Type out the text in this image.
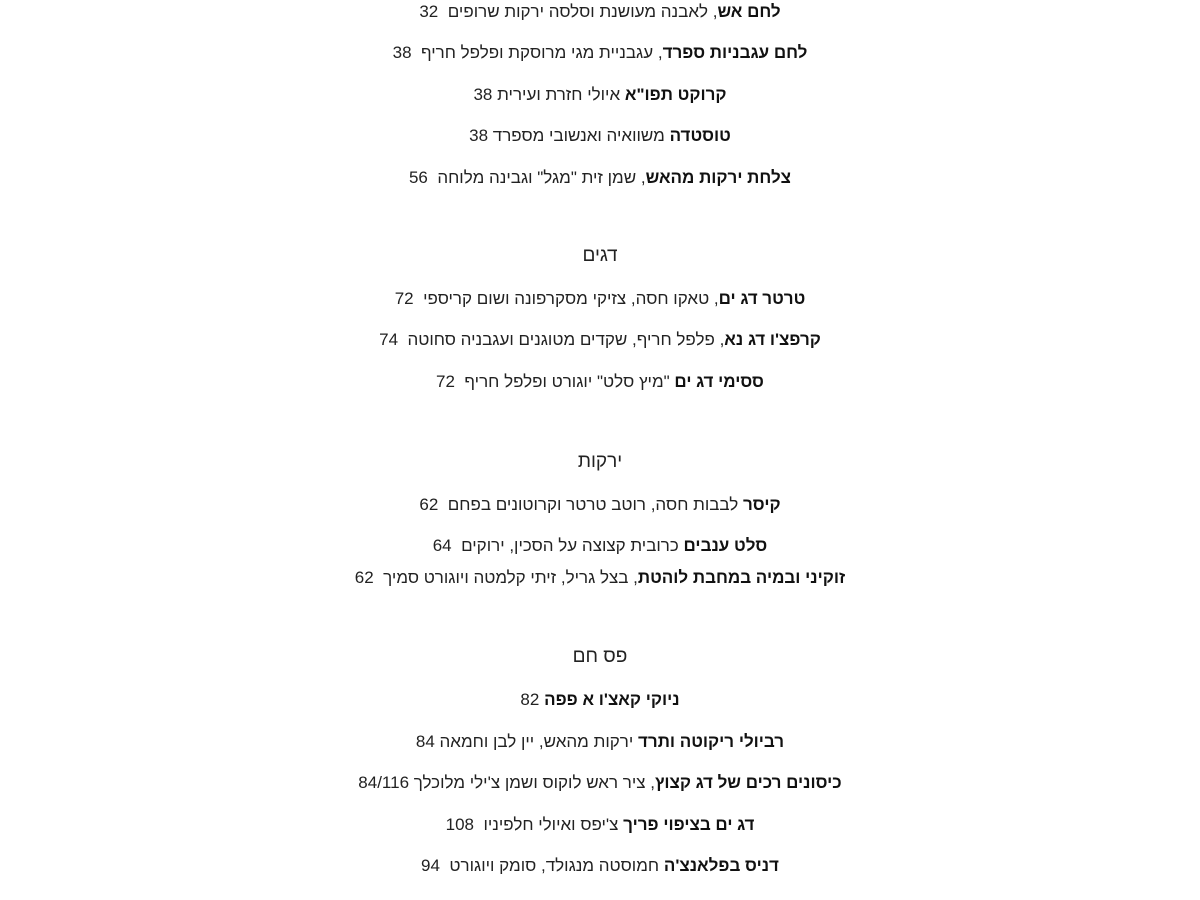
לחם אש, לאבנה מעושנת וסלסה ירקות שרופים  32
לחם עגבניות ספרד, עגבניית מגי מרוסקת ופלפל חריף  38
קרוקט תפו"א איולי חזרת ועירית 38
טוסטדה משוואיה ואנשובי מספרד 38
צלחת ירקות מהאש, שמן זית "מגל" וגבינה מלוחה  56
דגים
טרטר דג ים, טאקו חסה, צזיקי מסקרפונה ושום קריספי  72
קרפצ'ו דג נא, פלפל חריף, שקדים מטוגנים ועגבניה סחוטה  74
ססימי דג ים "מיץ סלט" יוגורט ופלפל חריף  72
ירקות
קיסר לבבות חסה, רוטב טרטר וקרוטונים בפחם  62
סלט ענבים כרובית קצוצה על הסכין, ירוקים  64
זוקיני ובמיה במחבת לוהטת, בצל גריל, זיתי קלמטה ויוגורט סמיך  62
פס חם
ניוקי קאצ'ו א פפה 82
רביולי ריקוטה ותרד ירקות מהאש, יין לבן וחמאה 84
כיסונים רכים של דג קצוץ, ציר ראש לוקוס ושמן צ'ילי מלוכלך 84/116
דג ים בציפוי פריך צ'יפס ואיולי חלפיניו  108
דניס בפלאנצ'ה חמוסטה מנגולד, סומק ויוגורט  94
